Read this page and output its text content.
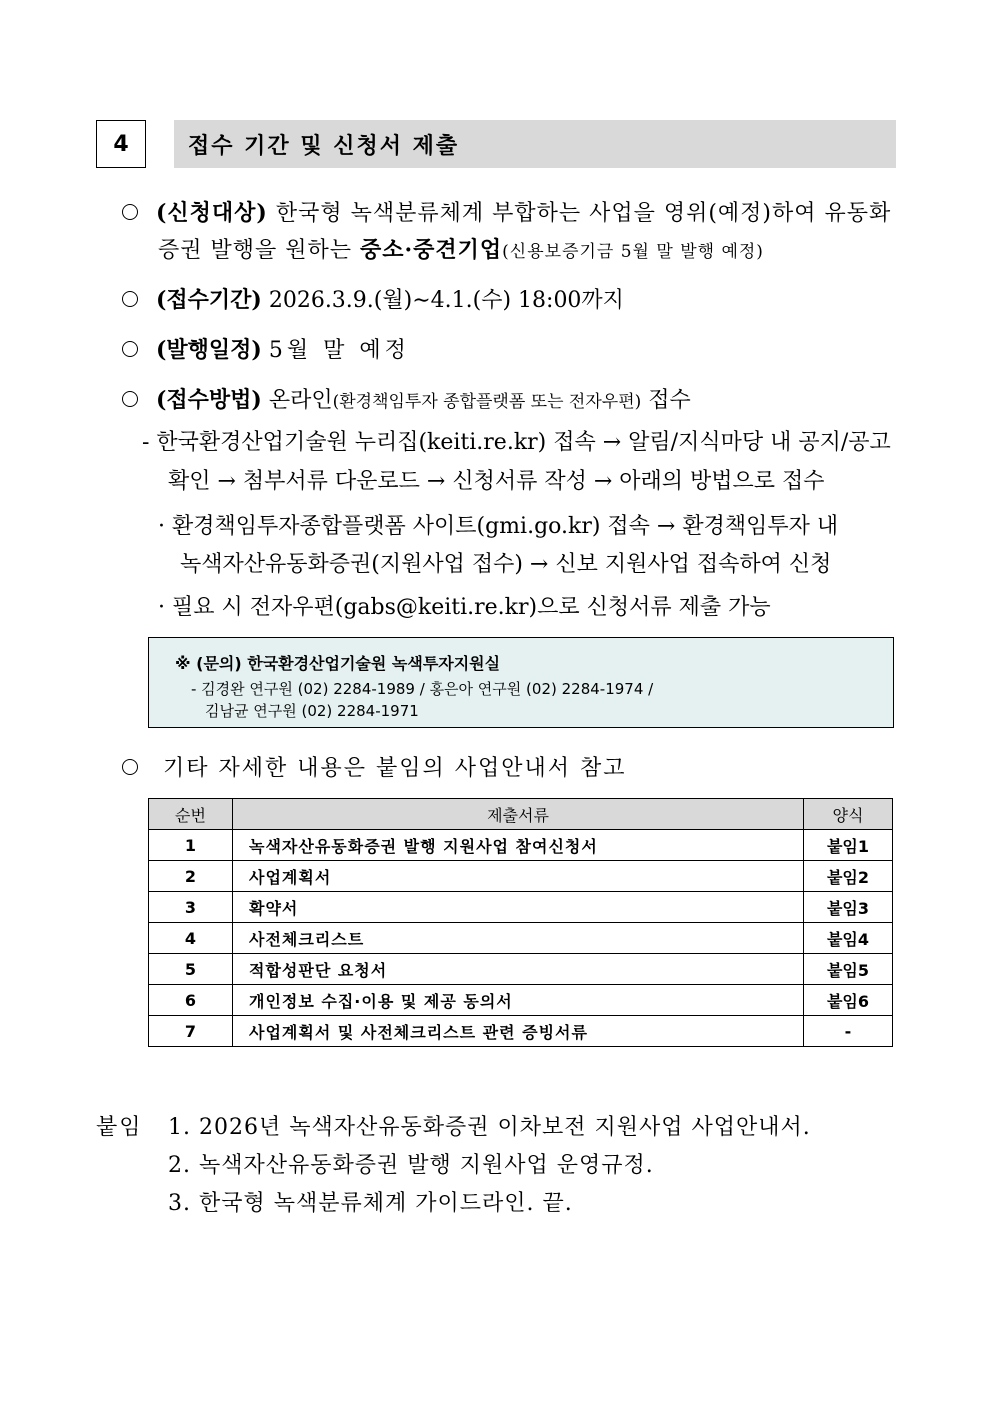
4	접수 기간 및 신청서 제출
(신청대상) 한국형 녹색분류체계 부합하는 사업을 영위(예정)하여 유동화
증권 발행을 원하는 중소·중견기업(신용보증기금 5월 말 발행 예정)
(접수기간) 2026.3.9.(월)∼4.1.(수) 18:00까지
(발행일정) 5월 말 예정
(접수방법) 온라인(환경책임투자 종합플랫폼 또는 전자우편) 접수
- 한국환경산업기술원 누리집(keiti.re.kr) 접속 → 알림/지식마당 내 공지/공고
확인 → 첨부서류 다운로드 → 신청서류 작성 → 아래의 방법으로 접수
· 환경책임투자종합플랫폼 사이트(gmi.go.kr) 접속 → 환경책임투자 내
녹색자산유동화증권(지원사업 접수) → 신보 지원사업 접속하여 신청
· 필요 시 전자우편(gabs@keiti.re.kr)으로 신청서류 제출 가능
※ (문의) 한국환경산업기술원 녹색투자지원실
- 김경완 연구원 (02) 2284-1989 / 홍은아 연구원 (02) 2284-1974 /
김남균 연구원 (02) 2284-1971
기타 자세한 내용은 붙임의 사업안내서 참고
순번	제출서류	양식
1	녹색자산유동화증권 발행 지원사업 참여신청서	붙임1
2	사업계획서	붙임2
3	확약서	붙임3
4	사전체크리스트	붙임4
5	적합성판단 요청서	붙임5
6	개인정보 수집·이용 및 제공 동의서	붙임6
7	사업계획서 및 사전체크리스트 관련 증빙서류	-
붙임 1. 2026년 녹색자산유동화증권 이차보전 지원사업 사업안내서.
2. 녹색자산유동화증권 발행 지원사업 운영규정.
3. 한국형 녹색분류체계 가이드라인. 끝.
